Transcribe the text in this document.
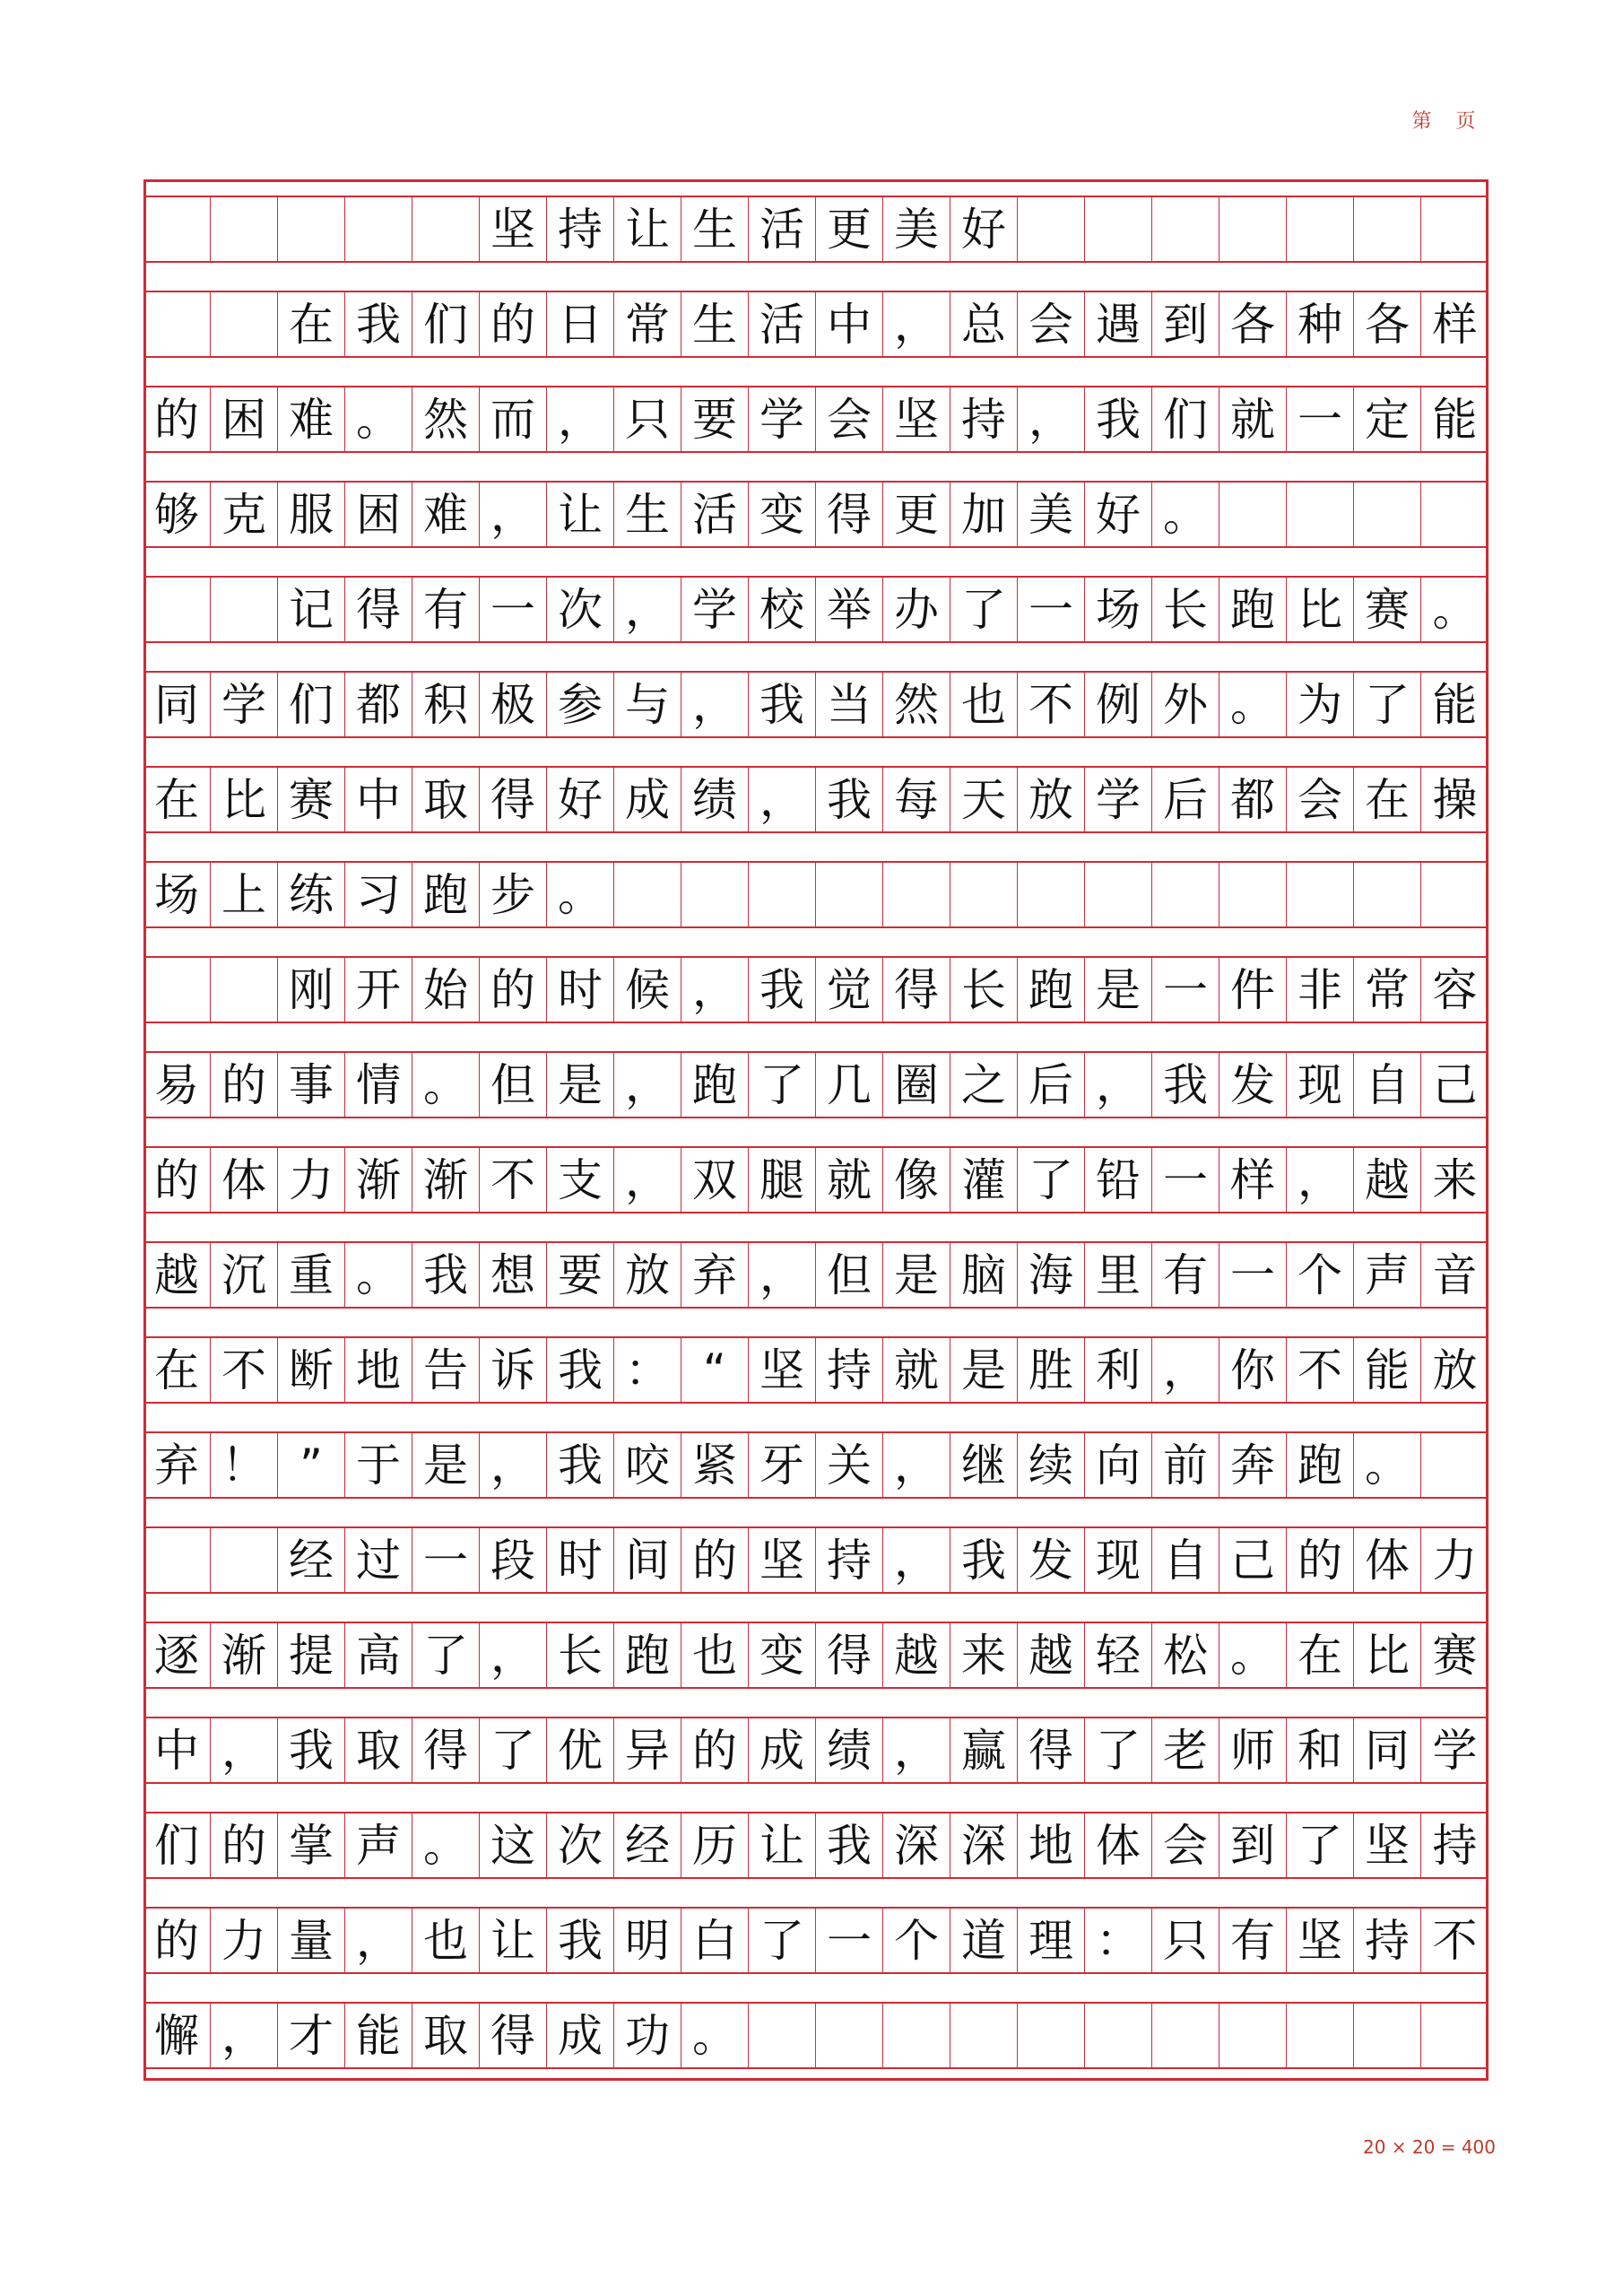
第 页
坚 持 让 生 活 更 美 好
在 我 们 的 日 常 生 活 中 ， 总 会 遇 到 各 种 各 样
的 困 难 。 然 而 ， 只 要 学 会 坚 持 ， 我 们 就 一 定 能
够 克 服 困 难 ， 让 生 活 变 得 更 加 美 好 。
记 得 有 一 次 ， 学 校 举 办 了 一 场 长 跑 比 赛 。
同 学 们 都 积 极 参 与 ， 我 当 然 也 不 例 外 。 为 了 能
在 比 赛 中 取 得 好 成 绩 ， 我 每 天 放 学 后 都 会 在 操
场 上 练 习 跑 步 。
刚 开 始 的 时 候 ， 我 觉 得 长 跑 是 一 件 非 常 容
易 的 事 情 。 但 是 ， 跑 了 几 圈 之 后 ， 我 发 现 自 己
的 体 力 渐 渐 不 支 ， 双 腿 就 像 灌 了 铅 一 样 ， 越 来
越 沉 重 。 我 想 要 放 弃 ， 但 是 脑 海 里 有 一 个 声 音
在 不 断 地 告 诉 我 ： “ 坚 持 就 是 胜 利 ， 你 不 能 放
弃 ！ ” 于 是 ， 我 咬 紧 牙 关 ， 继 续 向 前 奔 跑 。
经 过 一 段 时 间 的 坚 持 ， 我 发 现 自 己 的 体 力
逐 渐 提 高 了 ， 长 跑 也 变 得 越 来 越 轻 松 。 在 比 赛
中 ， 我 取 得 了 优 异 的 成 绩 ， 赢 得 了 老 师 和 同 学
们 的 掌 声 。 这 次 经 历 让 我 深 深 地 体 会 到 了 坚 持
的 力 量 ， 也 让 我 明 白 了 一 个 道 理 ： 只 有 坚 持 不
懈 ， 才 能 取 得 成 功 。
20 × 20 = 400
